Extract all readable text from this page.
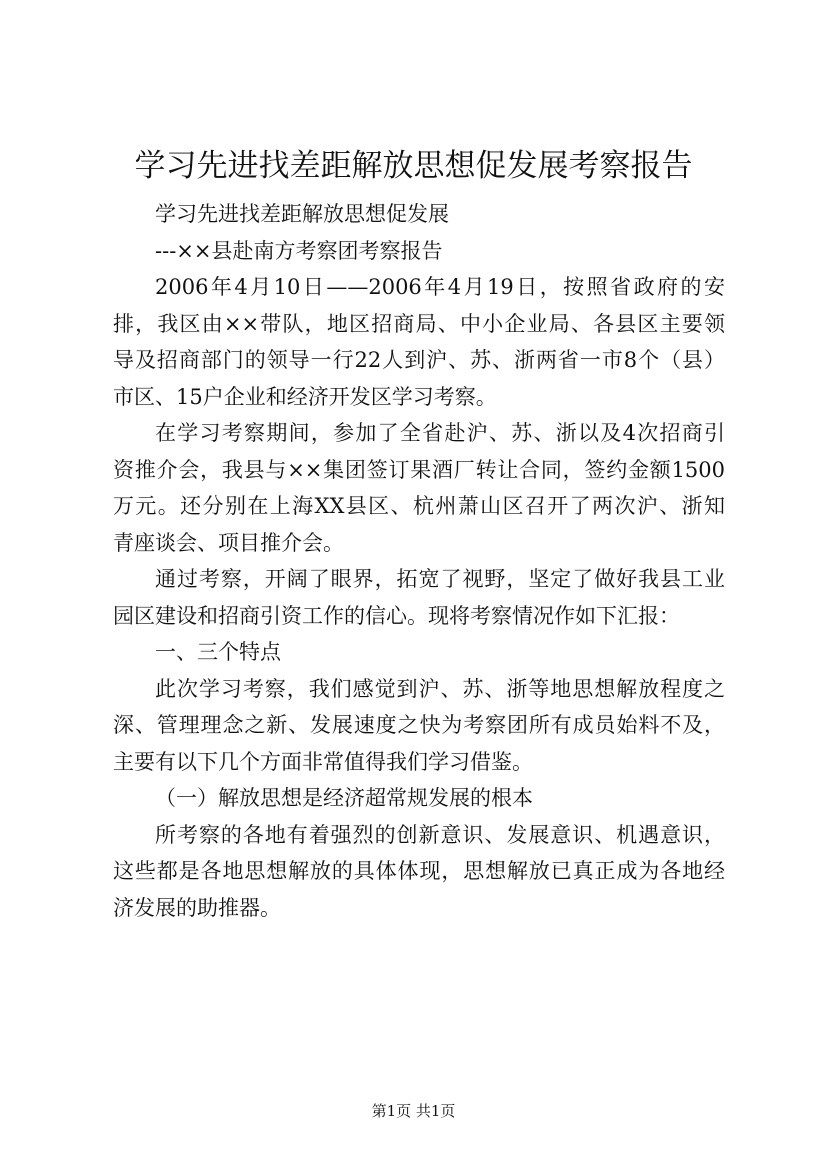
学习先进找差距解放思想促发展考察报告
学习先进找差距解放思想促发展
---××县赴南方考察团考察报告
2006年4月10日——2006年4月19日，按照省政府的安
排，我区由××带队，地区招商局、中小企业局、各县区主要领
导及招商部门的领导一行22人到沪、苏、浙两省一市8个（县）
市区、15户企业和经济开发区学习考察。
在学习考察期间，参加了全省赴沪、苏、浙以及4次招商引
资推介会，我县与××集团签订果酒厂转让合同，签约金额1500
万元。还分别在上海XX县区、杭州萧山区召开了两次沪、浙知
青座谈会、项目推介会。
通过考察，开阔了眼界，拓宽了视野，坚定了做好我县工业
园区建设和招商引资工作的信心。现将考察情况作如下汇报：
一、三个特点
此次学习考察，我们感觉到沪、苏、浙等地思想解放程度之
深、管理理念之新、发展速度之快为考察团所有成员始料不及，
主要有以下几个方面非常值得我们学习借鉴。
（一）解放思想是经济超常规发展的根本
所考察的各地有着强烈的创新意识、发展意识、机遇意识，
这些都是各地思想解放的具体体现，思想解放已真正成为各地经
济发展的助推器。
第1页 共1页
